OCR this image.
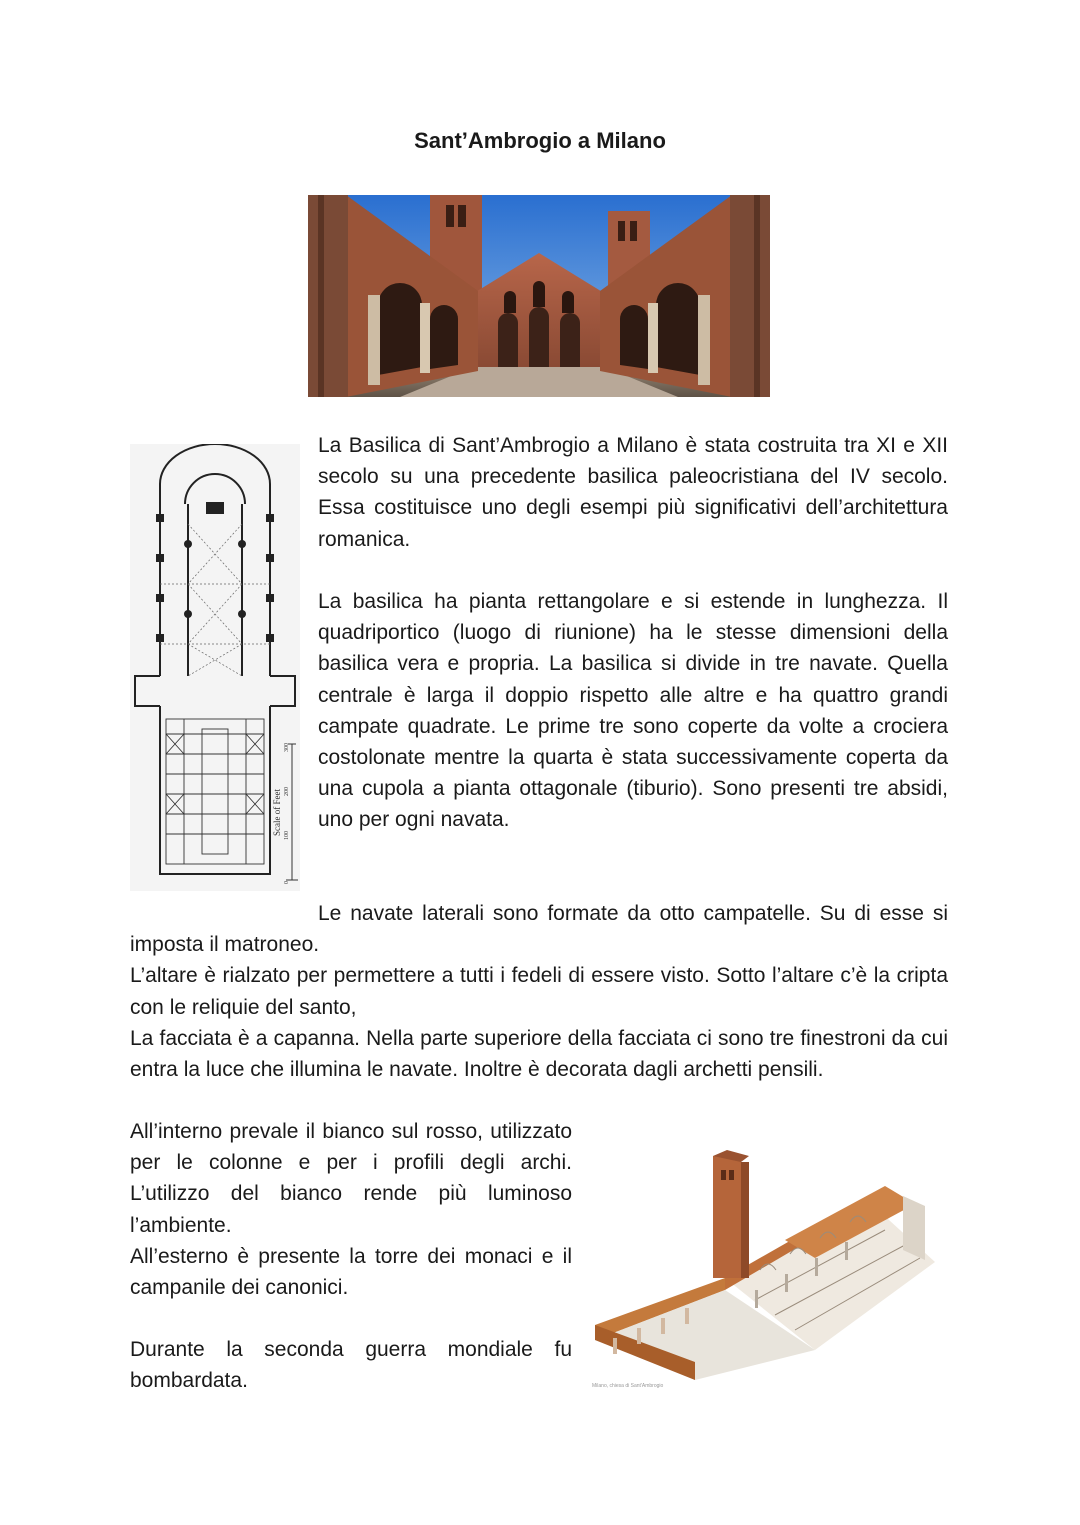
Sant’Ambrogio a Milano
Scale of Feet
0
100
200
300

La Basilica di Sant’Ambrogio a Milano è stata costruita tra XI e XII secolo su una precedente basilica paleocristiana del IV secolo. Essa costituisce uno degli esempi più significativi dell’architettura romanica.

La basilica ha pianta rettangolare e si estende in lunghezza. Il quadriportico (luogo di riunione) ha le stesse dimensioni della basilica vera e propria. La basilica si divide in tre navate. Quella centrale è larga il doppio rispetto alle altre e ha quattro grandi campate quadrate. Le prime tre sono coperte da volte a crociera costolonate mentre la quarta è stata successivamente coperta da una cupola a pianta ottagonale (tiburio). Sono presenti tre absidi, uno per ogni navata.

Le navate laterali sono formate da otto campatelle. Su di esse si imposta il matroneo.
L’altare è rialzato per permettere a tutti i fedeli di essere visto. Sotto l’altare c’è la cripta con le reliquie del santo,
La facciata è a capanna. Nella parte superiore della facciata ci sono tre finestroni da cui entra la luce che illumina le navate. Inoltre è decorata dagli archetti pensili.
All’interno prevale il bianco sul rosso, utilizzato per le colonne e per i profili degli archi. L’utilizzo del bianco rende più luminoso l’ambiente.
All’esterno è presente la torre dei monaci e il campanile dei canonici.

Durante la seconda guerra mondiale fu bombardata.	Milano, chiesa di Sant'Ambrogio
